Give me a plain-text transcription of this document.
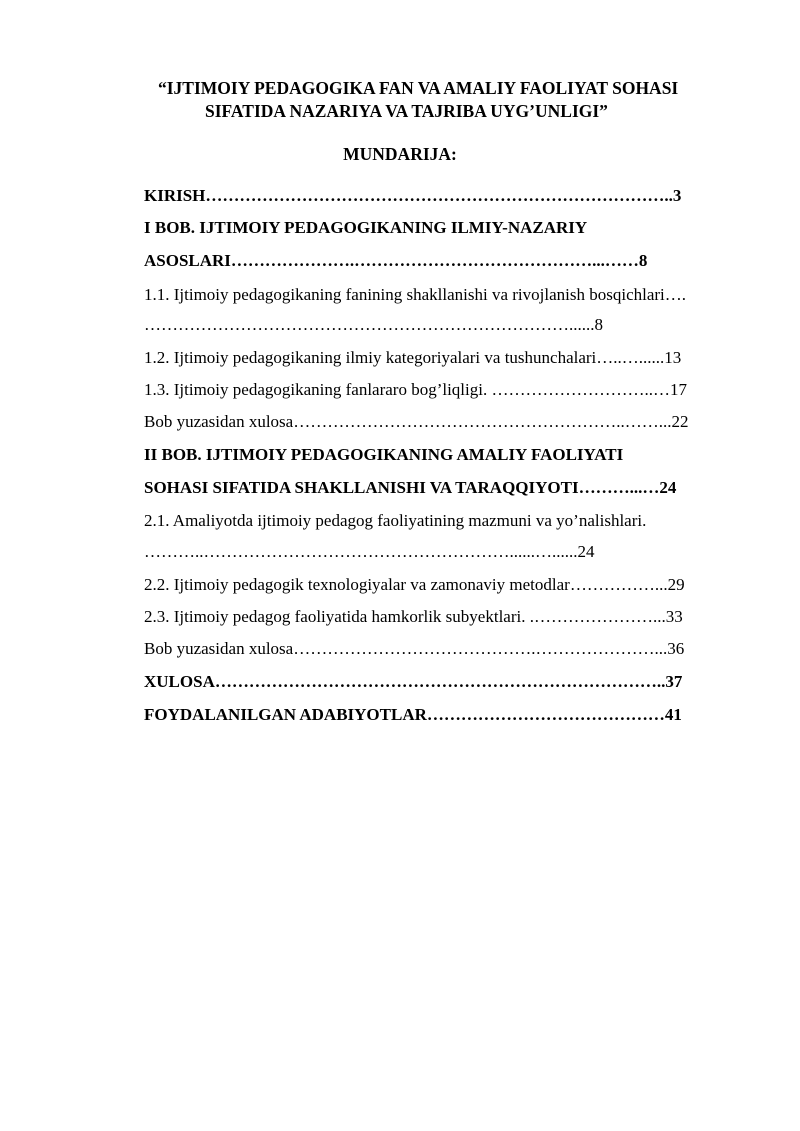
“IJTIMOIY PEDAGOGIKA FAN VA AMALIY FAOLIYAT SOHASI
SIFATIDA NAZARIYA VA TAJRIBA UYG’UNLIGI”
MUNDARIJA:
KIRISH………………………………………………………………………..3
I BOB. IJTIMOIY PEDAGOGIKANING ILMIY-NAZARIY
ASOSLARI………………….……………………………………...……8
1.1. Ijtimoiy pedagogikaning fanining shakllanishi va rivojlanish bosqichlari….
…………………………………………………………………......8
1.2. Ijtimoiy pedagogikaning ilmiy kategoriyalari va tushunchalari…..…......13
1.3. Ijtimoiy pedagogikaning fanlararo bog’liqligi. ………………………..…17
Bob yuzasidan xulosa…………………………………………………..……...22
II BOB. IJTIMOIY PEDAGOGIKANING AMALIY FAOLIYATI
SOHASI SIFATIDA SHAKLLANISHI VA TARAQQIYOTI………...…24
2.1. Amaliyotda ijtimoiy pedagog faoliyatining mazmuni va yo’nalishlari.
………..………………………………………………......…......24
2.2. Ijtimoiy pedagogik texnologiyalar va zamonaviy metodlar……………...29
2.3. Ijtimoiy pedagog faoliyatida hamkorlik subyektlari. .…………………...33
Bob yuzasidan xulosa…………………………………….…………………...36
XULOSA……………………………………………………………………..37
FOYDALANILGAN ADABIYOTLAR……………………………………41
